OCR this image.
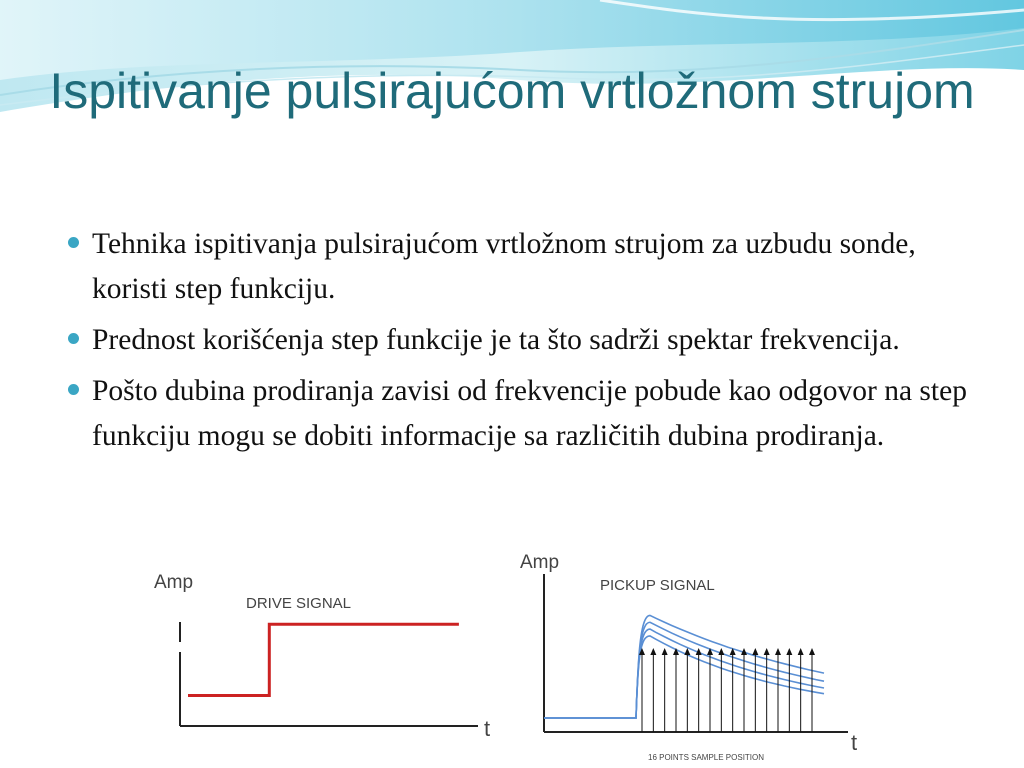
Ispitivanje pulsirajućom vrtložnom strujom
Tehnika ispitivanja pulsirajućom vrtložnom strujom za uzbudu sonde, koristi step funkciju.
Prednost korišćenja step funkcije je ta što sadrži spektar frekvencija.
Pošto dubina prodiranja zavisi od frekvencije pobude kao odgovor na step funkciju mogu se dobiti informacije sa različitih dubina prodiranja.
Amp
DRIVE SIGNAL
t
Amp
PICKUP SIGNAL
t
16 POINTS SAMPLE POSITION
